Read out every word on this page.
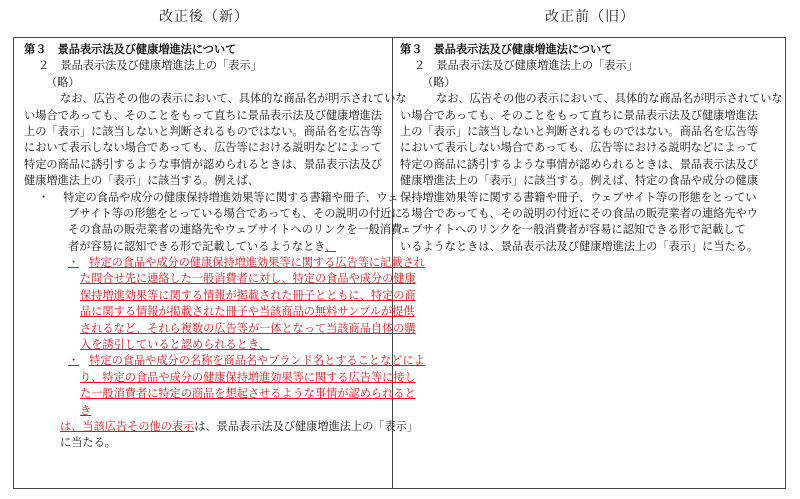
改正後（新）	改正前（旧）
第３　景品表示法及び健康増進法について
２　景品表示法及び健康増進法上の「表示」
（略）
なお、広告その他の表示において、具体的な商品名が明示されていな
い場合であっても、そのことをもって直ちに景品表示法及び健康増進法
上の「表示」に該当しないと判断されるものではない。商品名を広告等
において表示しない場合であっても、広告等における説明などによって
特定の商品に誘引するような事情が認められるときは、景品表示法及び
健康増進法上の「表示」に該当する。例えば、
・ 特定の食品や成分の健康保持増進効果等に関する書籍や冊子、ウェ
ブサイト等の形態をとっている場合であっても、その説明の付近に
その食品の販売業者の連絡先やウェブサイトへのリンクを一般消費
者が容易に認知できる形で記載しているようなとき、
・ 特定の食品や成分の健康保持増進効果等に関する広告等に記載され
た問合せ先に連絡した一般消費者に対し、特定の食品や成分の健康
保持増進効果等に関する情報が掲載された冊子とともに、特定の商
品に関する情報が掲載された冊子や当該商品の無料サンプルが提供
されるなど、それら複数の広告等が一体となって当該商品自体の購
入を誘引していると認められるとき、
・ 特定の食品や成分の名称を商品名やブランド名とすることなどによ
り、特定の食品や成分の健康保持増進効果等に関する広告等に接し
た一般消費者に特定の商品を想起させるような事情が認められると
き
は、当該広告その他の表示は、景品表示法及び健康増進法上の「表示」
に当たる。
第３　景品表示法及び健康増進法について
２　景品表示法及び健康増進法上の「表示」
（略）
なお、広告その他の表示において、具体的な商品名が明示されていな
い場合であっても、そのことをもって直ちに景品表示法及び健康増進法
上の「表示」に該当しないと判断されるものではない。商品名を広告等
において表示しない場合であっても、広告等における説明などによって
特定の商品に誘引するような事情が認められるときは、景品表示法及び
健康増進法上の「表示」に該当する。例えば、特定の食品や成分の健康
保持増進効果等に関する書籍や冊子、ウェブサイト等の形態をとってい
る場合であっても、その説明の付近にその食品の販売業者の連絡先やウ
ェブサイトへのリンクを一般消費者が容易に認知できる形で記載して
いるようなときは、景品表示法及び健康増進法上の「表示」に当たる。
